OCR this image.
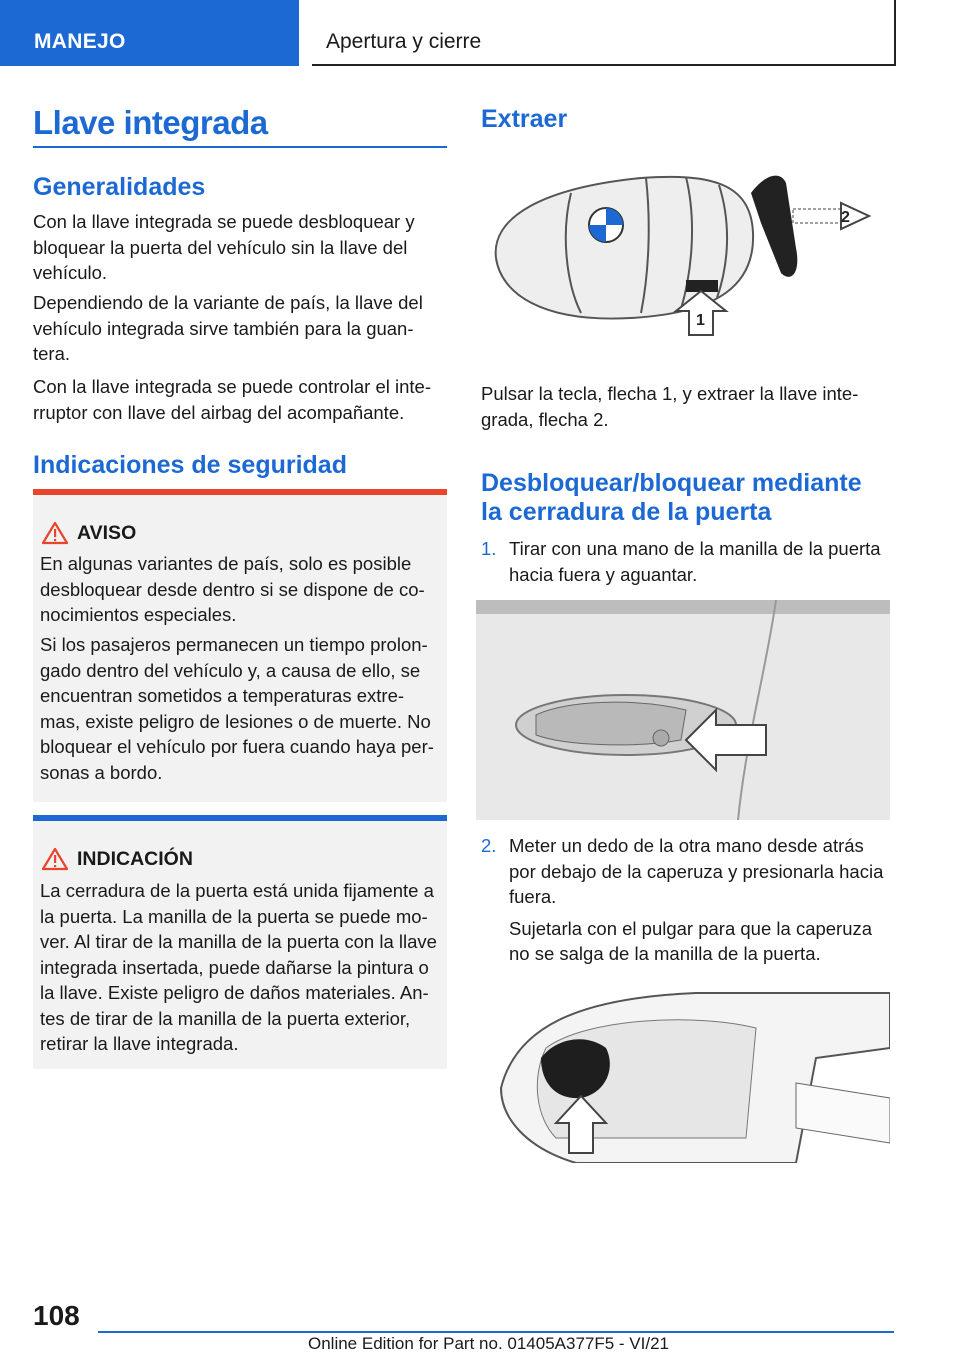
MANEJO	Apertura y cierre
Llave integrada
Generalidades
Con la llave integrada se puede desbloquear y
bloquear la puerta del vehículo sin la llave del
vehículo.
Dependiendo de la variante de país, la llave del
vehículo integrada sirve también para la guan-
tera.
Con la llave integrada se puede controlar el inte-
rruptor con llave del airbag del acompañante.
Indicaciones de seguridad
AVISO
En algunas variantes de país, solo es posible
desbloquear desde dentro si se dispone de co-
nocimientos especiales.
Si los pasajeros permanecen un tiempo prolon-
gado dentro del vehículo y, a causa de ello, se
encuentran sometidos a temperaturas extre-
mas, existe peligro de lesiones o de muerte. No
bloquear el vehículo por fuera cuando haya per-
sonas a bordo.
INDICACIÓN
La cerradura de la puerta está unida fijamente a
la puerta. La manilla de la puerta se puede mo-
ver. Al tirar de la manilla de la puerta con la llave
integrada insertada, puede dañarse la pintura o
la llave. Existe peligro de daños materiales. An-
tes de tirar de la manilla de la puerta exterior,
retirar la llave integrada.
Extraer
1
2
Pulsar la tecla, flecha 1, y extraer la llave inte-
grada, flecha 2.
Desbloquear/bloquear mediante
la cerradura de la puerta
1. Tirar con una mano de la manilla de la puerta
hacia fuera y aguantar.
2. Meter un dedo de la otra mano desde atrás
por debajo de la caperuza y presionarla hacia
fuera.
Sujetarla con el pulgar para que la caperuza
no se salga de la manilla de la puerta.
108
Online Edition for Part no. 01405A377F5 - VI/21
